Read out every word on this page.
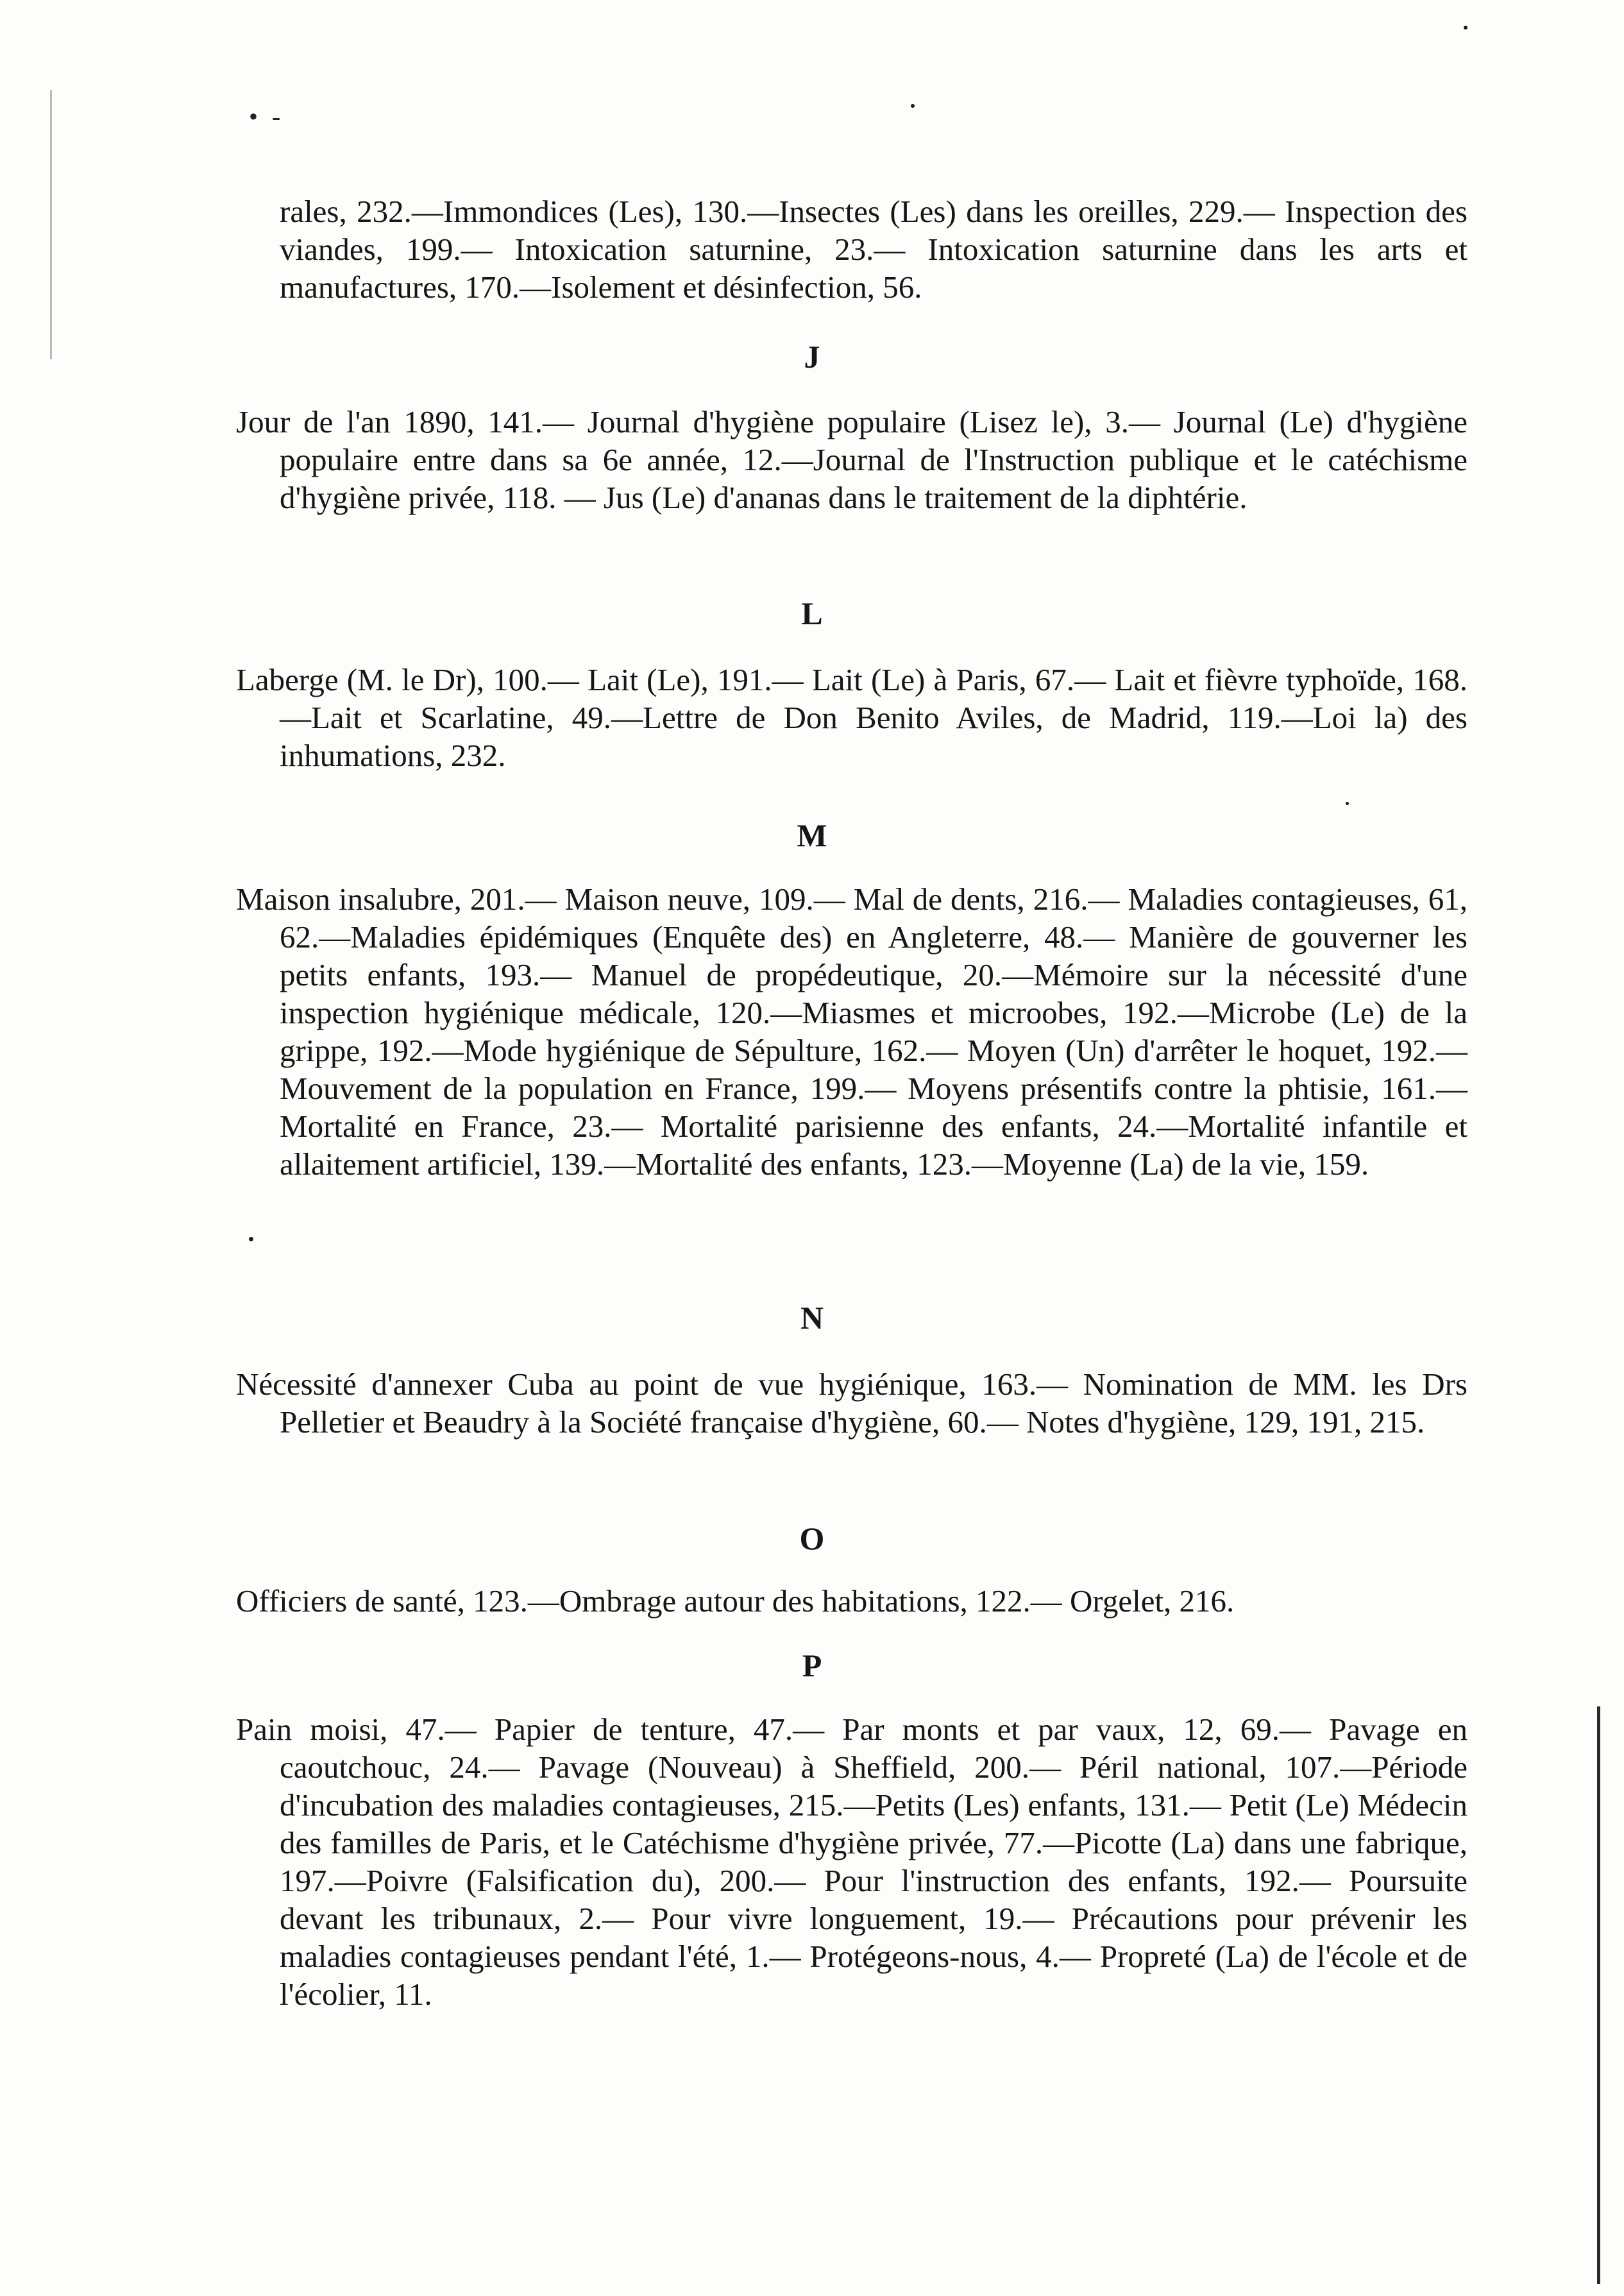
• -

rales, 232.—Immondices (Les), 130.—Insectes (Les) dans les oreilles, 229.— Inspection des viandes, 199.— Intoxication saturnine, 23.— Intoxication saturnine dans les arts et manufactures, 170.—Isolement et désinfection, 56.

J

Jour de l'an 1890, 141.— Journal d'hygiène populaire (Lisez le), 3.— Journal (Le) d'hygiène populaire entre dans sa 6e année, 12.—Journal de l'Instruction publique et le catéchisme d'hygiène privée, 118. — Jus (Le) d'ananas dans le traitement de la diphtérie.

L

Laberge (M. le Dr), 100.— Lait (Le), 191.— Lait (Le) à Paris, 67.— Lait et fièvre typhoïde, 168.—Lait et Scarlatine, 49.—Lettre de Don Benito Aviles, de Madrid, 119.—Loi la) des inhumations, 232.

M

Maison insalubre, 201.— Maison neuve, 109.— Mal de dents, 216.— Maladies contagieuses, 61, 62.—Maladies épidémiques (Enquête des) en Angleterre, 48.— Manière de gouverner les petits enfants, 193.— Manuel de propédeutique, 20.—Mémoire sur la nécessité d'une inspection hygiénique médicale, 120.—Miasmes et microobes, 192.—Microbe (Le) de la grippe, 192.—Mode hygiénique de Sépulture, 162.— Moyen (Un) d'arrêter le hoquet, 192.— Mouvement de la population en France, 199.— Moyens présentifs contre la phtisie, 161.— Mortalité en France, 23.— Mortalité parisienne des enfants, 24.—Mortalité infantile et allaitement artificiel, 139.—Mortalité des enfants, 123.—Moyenne (La) de la vie, 159.

N

Nécessité d'annexer Cuba au point de vue hygiénique, 163.— Nomination de MM. les Drs Pelletier et Beaudry à la Société française d'hygiène, 60.— Notes d'hygiène, 129, 191, 215.

O

Officiers de santé, 123.—Ombrage autour des habitations, 122.— Orgelet, 216.

P

Pain moisi, 47.— Papier de tenture, 47.— Par monts et par vaux, 12, 69.— Pavage en caoutchouc, 24.— Pavage (Nouveau) à Sheffield, 200.— Péril national, 107.—Période d'incubation des maladies contagieuses, 215.—Petits (Les) enfants, 131.— Petit (Le) Médecin des familles de Paris, et le Catéchisme d'hygiène privée, 77.—Picotte (La) dans une fabrique, 197.—Poivre (Falsification du), 200.— Pour l'instruction des enfants, 192.— Poursuite devant les tribunaux, 2.— Pour vivre longuement, 19.— Précautions pour prévenir les maladies contagieuses pendant l'été, 1.— Protégeons-nous, 4.— Propreté (La) de l'école et de l'écolier, 11.
